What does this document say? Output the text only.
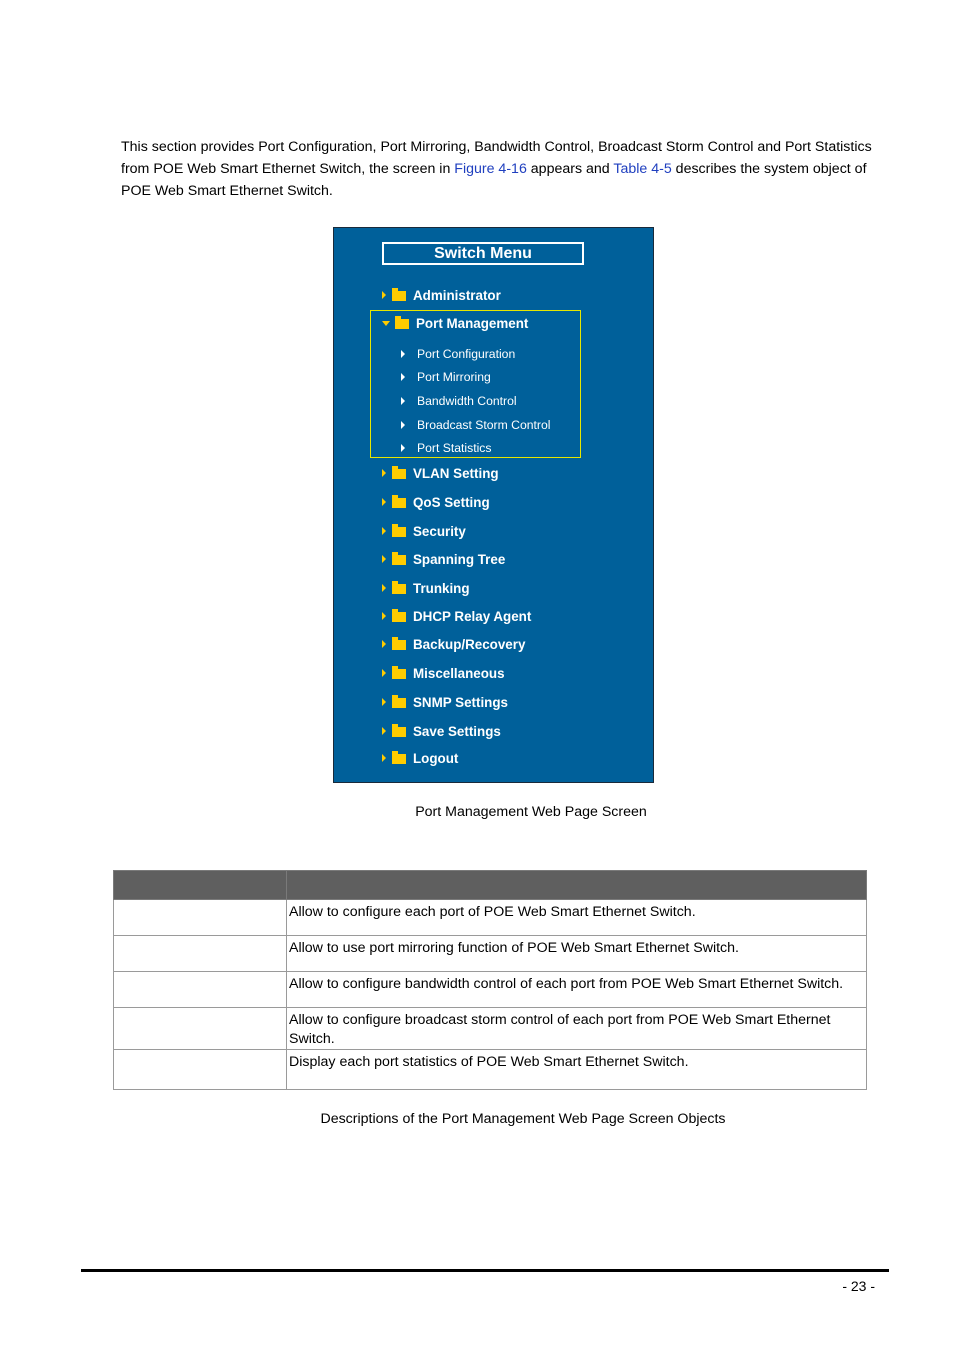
This section provides Port Configuration, Port Mirroring, Bandwidth Control, Broadcast Storm Control and Port Statistics from POE Web Smart Ethernet Switch, the screen in Figure 4-16 appears and Table 4-5 describes the system object of POE Web Smart Ethernet Switch.

Switch Menu
Administrator
Port Management
Port Configuration
Port Mirroring
Bandwidth Control
Broadcast Storm Control
Port Statistics
VLAN Setting
QoS Setting
Security
Spanning Tree
Trunking
DHCP Relay Agent
Backup/Recovery
Miscellaneous
SNMP Settings
Save Settings
Logout
Port Management Web Page Screen

	Allow to configure each port of POE Web Smart Ethernet Switch.
	Allow to use port mirroring function of POE Web Smart Ethernet Switch.
	Allow to configure bandwidth control of each port from POE Web Smart Ethernet Switch.
	Allow to configure broadcast storm control of each port from POE Web Smart Ethernet Switch.
	Display each port statistics of POE Web Smart Ethernet Switch.
Descriptions of the Port Management Web Page Screen Objects
- 23 -
